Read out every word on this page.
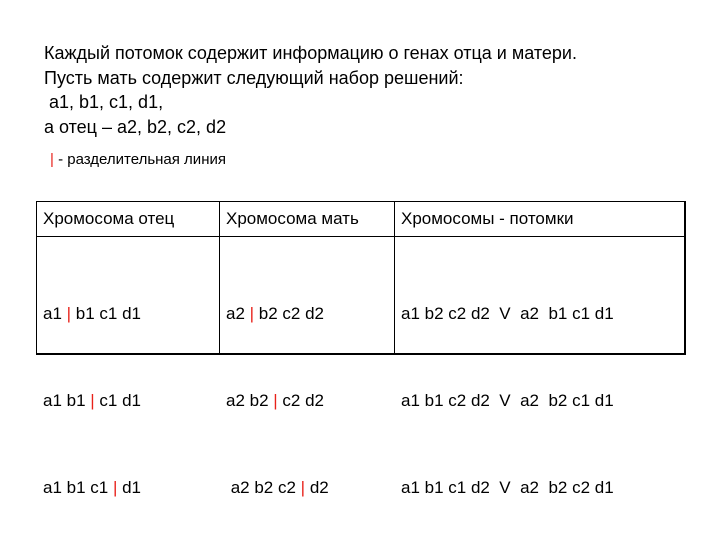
Каждый потомок содержит информацию о генах отца и матери.
Пусть мать содержит следующий набор решений:
a1, b1, c1, d1,
а отец – a2, b2, c2, d2
| - разделительная линия
Хромосома отец	Хромосома мать Хромосомы - потомки

a1 | b1 c1 d1

a1 b1 | c1 d1

a1 b1 c1 | d1

a2 | b2 c2 d2

a2 b2 | c2 d2

a2 b2 c2 | d2

a1 b2 c2 d2  V  a2  b1 c1 d1

a1 b1 c2 d2  V  a2  b2 c1 d1

a1 b1 c1 d2  V  a2  b2 c2 d1
